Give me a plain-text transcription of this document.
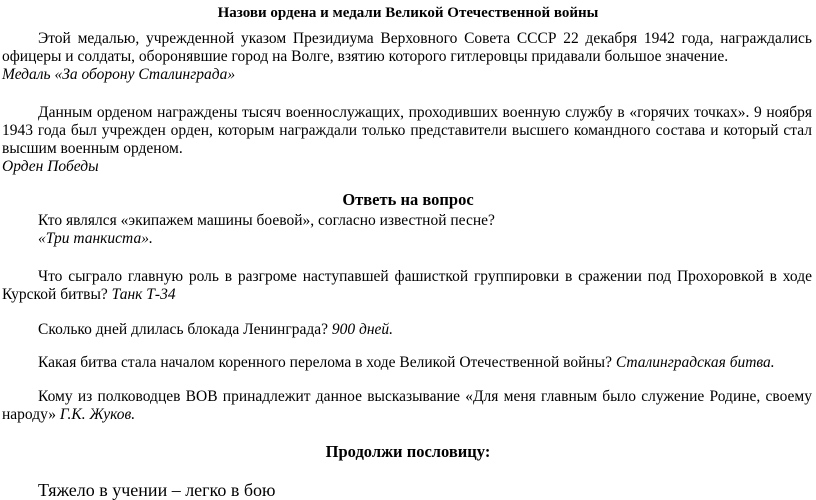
Назови ордена и медали Великой Отечественной войны
Этой медалью, учрежденной указом Президиума Верховного Совета СССР 22 декабря 1942 года, награждались офицеры и солдаты, оборонявшие город на Волге, взятию которого гитлеровцы придавали большое значение.
Медаль «За оборону Сталинграда»
Данным орденом награждены тысяч военнослужащих, проходивших военную службу в «горячих точках». 9 ноября 1943 года был учрежден орден, которым награждали только представители высшего командного состава и который стал высшим военным орденом.
Орден Победы
Ответь на вопрос
Кто являлся «экипажем машины боевой», согласно известной песне?
«Три танкиста».
Что сыграло главную роль в разгроме наступавшей фашисткой группировки в сражении под Прохоровкой в ходе Курской битвы? Танк Т-34
Сколько дней длилась блокада Ленинграда? 900 дней.
Какая битва стала началом коренного перелома в ходе Великой Отечественной войны? Сталинградская битва.
Кому из полководцев ВОВ принадлежит данное высказывание «Для меня главным было служение Родине, своему народу» Г.К. Жуков.
Продолжи пословицу:
Тяжело в учении – легко в бою
